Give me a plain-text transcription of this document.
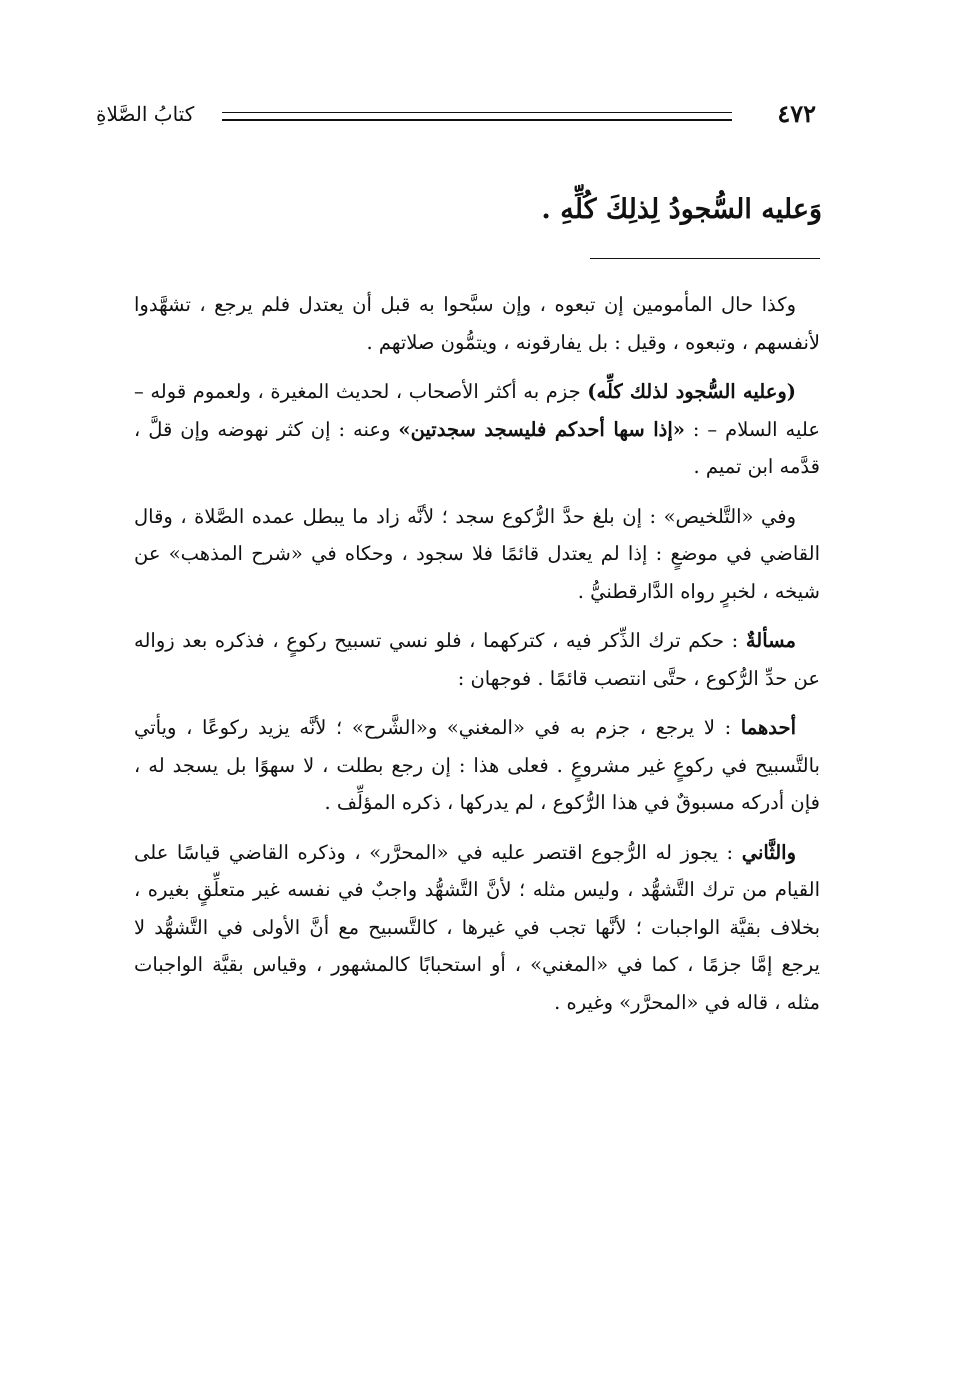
٤٧٢
كتابُ الصَّلاةِ
وَعليه السُّجودُ لِذلِكَ كُلِّهِ .

وكذا حال المأمومين إن تبعوه ، وإن سبَّحوا به قبل أن يعتدل فلم يرجع ، تشهَّدوا لأنفسهم ، وتبعوه ، وقيل : بل يفارقونه ، ويتمُّون صلاتهم .

(وعليه السُّجود لذلك كلِّه) جزم به أكثر الأصحاب ، لحديث المغيرة ، ولعموم قوله – عليه السلام – : «إذا سها أحدكم فليسجد سجدتين» وعنه : إن كثر نهوضه وإن قلَّ ، قدَّمه ابن تميم .

وفي «التَّلخيص» : إن بلغ حدَّ الرُّكوع سجد ؛ لأنَّه زاد ما يبطل عمده الصَّلاة ، وقال القاضي في موضعٍ : إذا لم يعتدل قائمًا فلا سجود ، وحكاه في «شرح المذهب» عن شيخه ، لخبرٍ رواه الدَّارقطنيُّ .

مسألةٌ : حكم ترك الذِّكر فيه ، كتركهما ، فلو نسي تسبيح ركوعٍ ، فذكره بعد زواله عن حدِّ الرُّكوع ، حتَّى انتصب قائمًا . فوجهان :

أحدهما : لا يرجع ، جزم به في «المغني» و«الشَّرح» ؛ لأنَّه يزيد ركوعًا ، ويأتي بالتَّسبيح في ركوعٍ غير مشروعٍ . فعلى هذا : إن رجع بطلت ، لا سهوًا بل يسجد له ، فإن أدركه مسبوقٌ في هذا الرُّكوع ، لم يدركها ، ذكره المؤلِّف .

والثَّاني : يجوز له الرُّجوع اقتصر عليه في «المحرَّر» ، وذكره القاضي قياسًا على القيام من ترك التَّشهُّد ، وليس مثله ؛ لأنَّ التَّشهُّد واجبٌ في نفسه غير متعلِّقٍ بغيره ، بخلاف بقيَّة الواجبات ؛ لأنَّها تجب في غيرها ، كالتَّسبيح مع أنَّ الأولى في التَّشهُّد لا يرجع إمَّا جزمًا ، كما في «المغني» ، أو استحبابًا كالمشهور ، وقياس بقيَّة الواجبات مثله ، قاله في «المحرَّر» وغيره .
